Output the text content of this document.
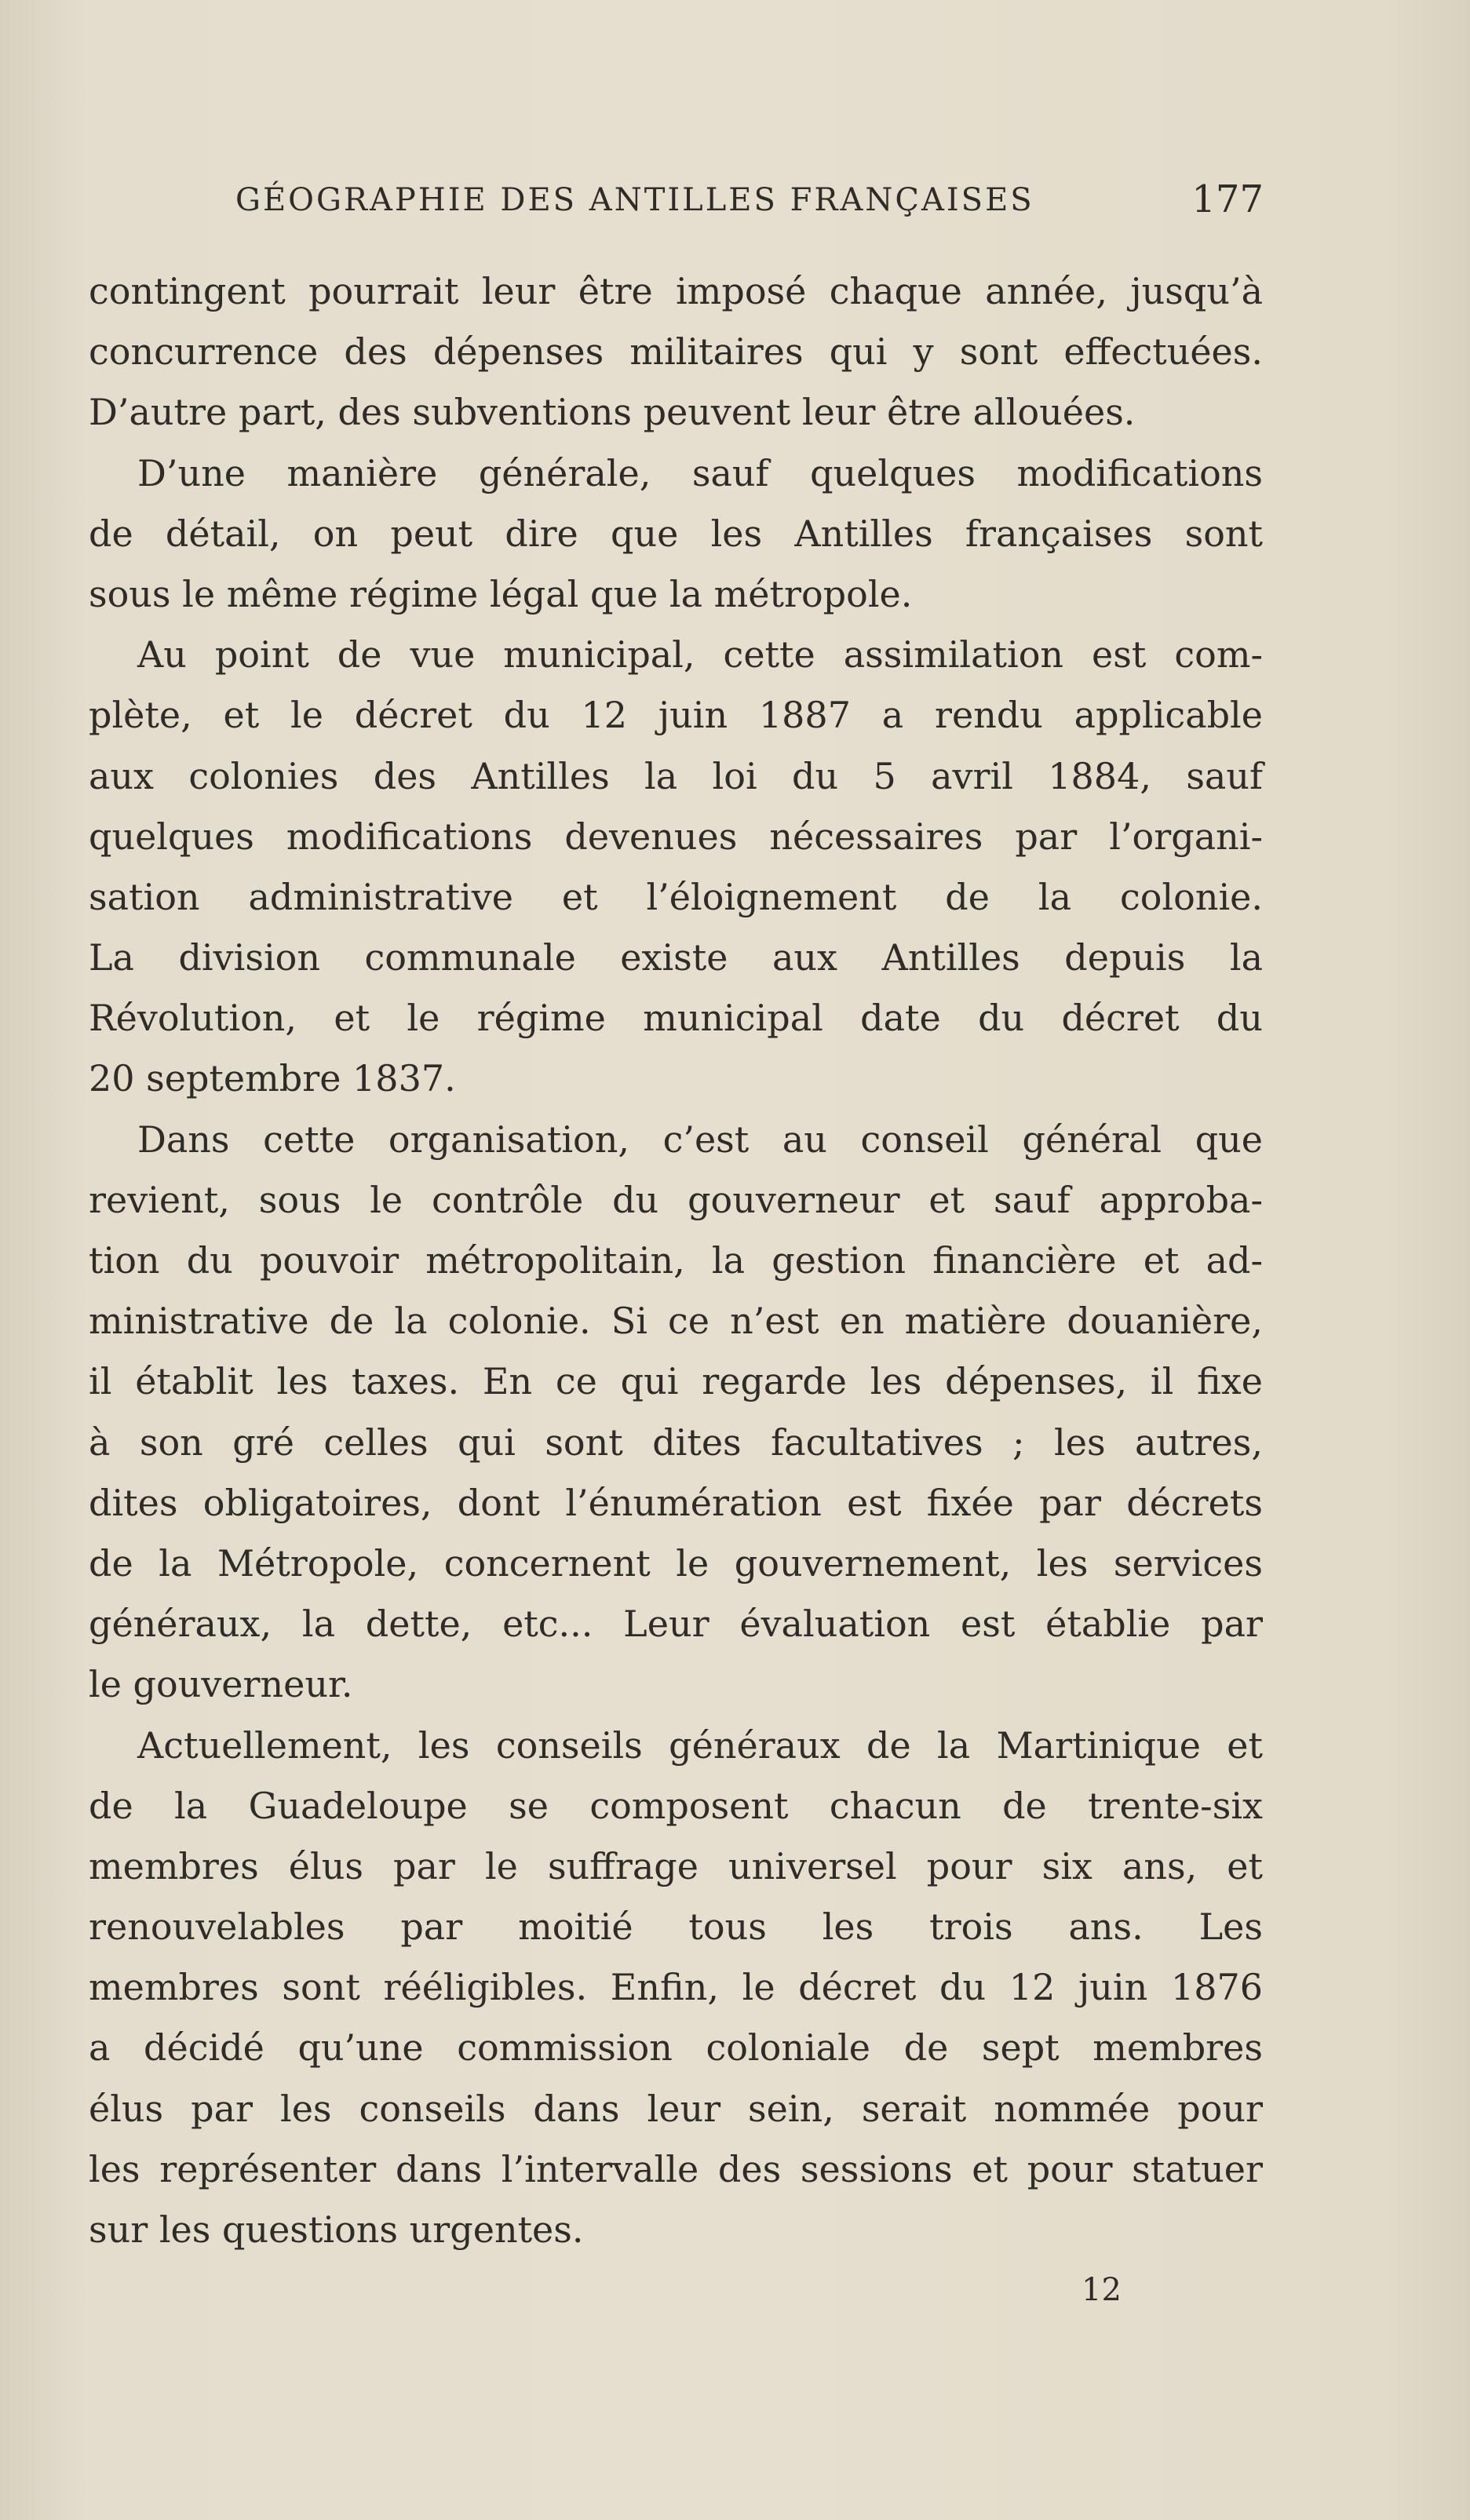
GÉOGRAPHIE DES ANTILLES FRANÇAISES	177
contingent pourrait leur être imposé chaque année, jusqu’à
concurrence des dépenses militaires qui y sont effectuées.
D’autre part, des subventions peuvent leur être allouées.
D’une manière générale, sauf quelques modifications
de détail, on peut dire que les Antilles françaises sont
sous le même régime légal que la métropole.
Au point de vue municipal, cette assimilation est com-
plète, et le décret du 12 juin 1887 a rendu applicable
aux colonies des Antilles la loi du 5 avril 1884, sauf
quelques modifications devenues nécessaires par l’organi-
sation administrative et l’éloignement de la colonie.
La division communale existe aux Antilles depuis la
Révolution, et le régime municipal date du décret du
20 septembre 1837.
Dans cette organisation, c’est au conseil général que
revient, sous le contrôle du gouverneur et sauf approba-
tion du pouvoir métropolitain, la gestion financière et ad-
ministrative de la colonie. Si ce n’est en matière douanière,
il établit les taxes. En ce qui regarde les dépenses, il fixe
à son gré celles qui sont dites facultatives ; les autres,
dites obligatoires, dont l’énumération est fixée par décrets
de la Métropole, concernent le gouvernement, les services
généraux, la dette, etc... Leur évaluation est établie par
le gouverneur.
Actuellement, les conseils généraux de la Martinique et
de la Guadeloupe se composent chacun de trente-six
membres élus par le suffrage universel pour six ans, et
renouvelables par moitié tous les trois ans. Les
membres sont rééligibles. Enfin, le décret du 12 juin 1876
a décidé qu’une commission coloniale de sept membres
élus par les conseils dans leur sein, serait nommée pour
les représenter dans l’intervalle des sessions et pour statuer
sur les questions urgentes.
12
